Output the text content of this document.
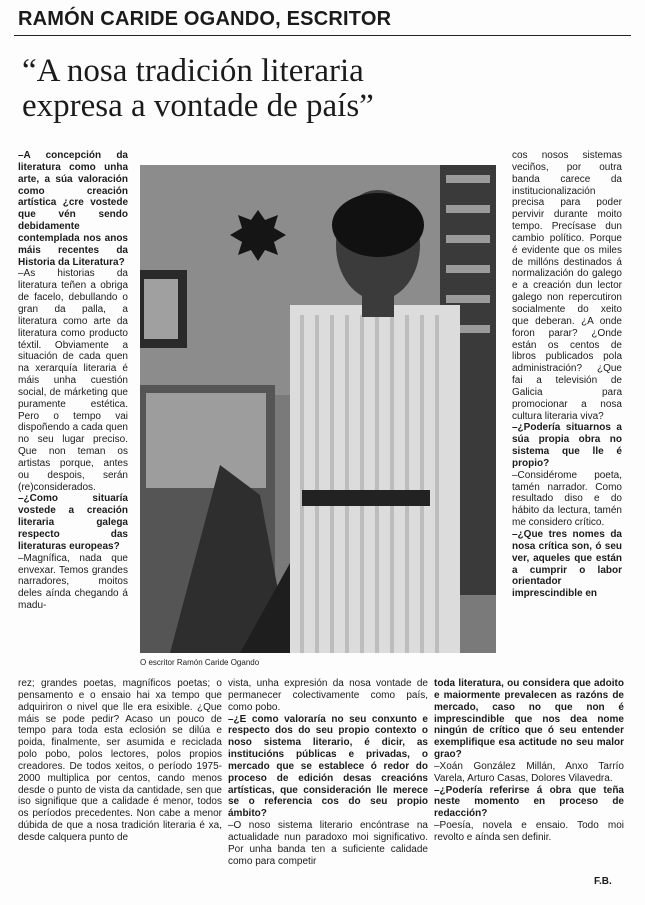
RAMÓN CARIDE OGANDO, ESCRITOR
“A nosa tradición literaria
expresa a vontade de país”

–A concepción da literatura como unha arte, a súa valoración como creación artística ¿cre vostede que vén sendo debidamente contemplada nos anos máis recentes da Historia da Literatura?

–As historias da literatura teñen a obriga de facelo, debullando o gran da palla, a literatura como arte da literatura como producto téxtil. Obviamente a situación de cada quen na xerarquía literaria é máis unha cuestión social, de márketing que puramente estética. Pero o tempo vai dispoñendo a cada quen no seu lugar preciso. Que non teman os artistas porque, antes ou despois, serán (re)considerados.

–¿Como situaría vostede a creación literaria galega respecto das literaturas europeas?

–Magnífica, nada que envexar. Temos grandes narradores, moitos deles aínda chegando á madu-

O escritor Ramón Caride Ogando

cos nosos sistemas veciños, por outra banda carece da institucionalización precisa para poder pervivir durante moito tempo. Precísase dun cambio político. Porque é evidente que os miles de millóns destinados á normalización do galego e a creación dun lector galego non repercutiron socialmente do xeito que deberan. ¿A onde foron parar? ¿Onde están os centos de libros publicados pola administración? ¿Que fai a televisión de Galicia para promocionar a nosa cultura literaria viva?

–¿Podería situarnos a súa propia obra no sistema que lle é propio?

–Considérome poeta, tamén narrador. Como resultado diso e do hábito da lectura, tamén me considero crítico.

–¿Que tres nomes da nosa crítica son, ó seu ver, aqueles que están a cumprir o labor orientador imprescindible en

rez; grandes poetas, magníficos poetas; o pensamento e o ensaio hai xa tempo que adquiriron o nivel que lle era esixible. ¿Que máis se pode pedir? Acaso un pouco de tempo para toda esta eclosión se dilúa e poida, finalmente, ser asumida e reciclada polo pobo, polos lectores, polos propios creadores. De todos xeitos, o período 1975-2000 multiplica por centos, cando menos desde o punto de vista da cantidade, sen que iso signifique que a calidade é menor, todos os períodos precedentes. Non cabe a menor dúbida de que a nosa tradición literaria é xa, desde calquera punto de

vista, unha expresión da nosa vontade de permanecer colectivamente como país, como pobo.

–¿E como valoraría no seu conxunto e respecto dos do seu propio contexto o noso sistema literario, é dicir, as institucións públicas e privadas, o mercado que se establece ó redor do proceso de edición desas creacións artísticas, que consideración lle merece se o referencia cos do seu propio ámbito?

–O noso sistema literario encóntrase na actualidade nun paradoxo moi significativo. Por unha banda ten a suficiente calidade como para competir

toda literatura, ou considera que adoito e maiormente prevalecen as razóns de mercado, caso no que non é imprescindible que nos dea nome ningún de crítico que ó seu entender exemplifique esa actitude no seu malor grao?

–Xoán González Millán, Anxo Tarrío Varela, Arturo Casas, Dolores Vilavedra.

–¿Podería referirse á obra que teña neste momento en proceso de redacción?

–Poesía, novela e ensaio. Todo moi revolto e aínda sen definir.

F.B.
